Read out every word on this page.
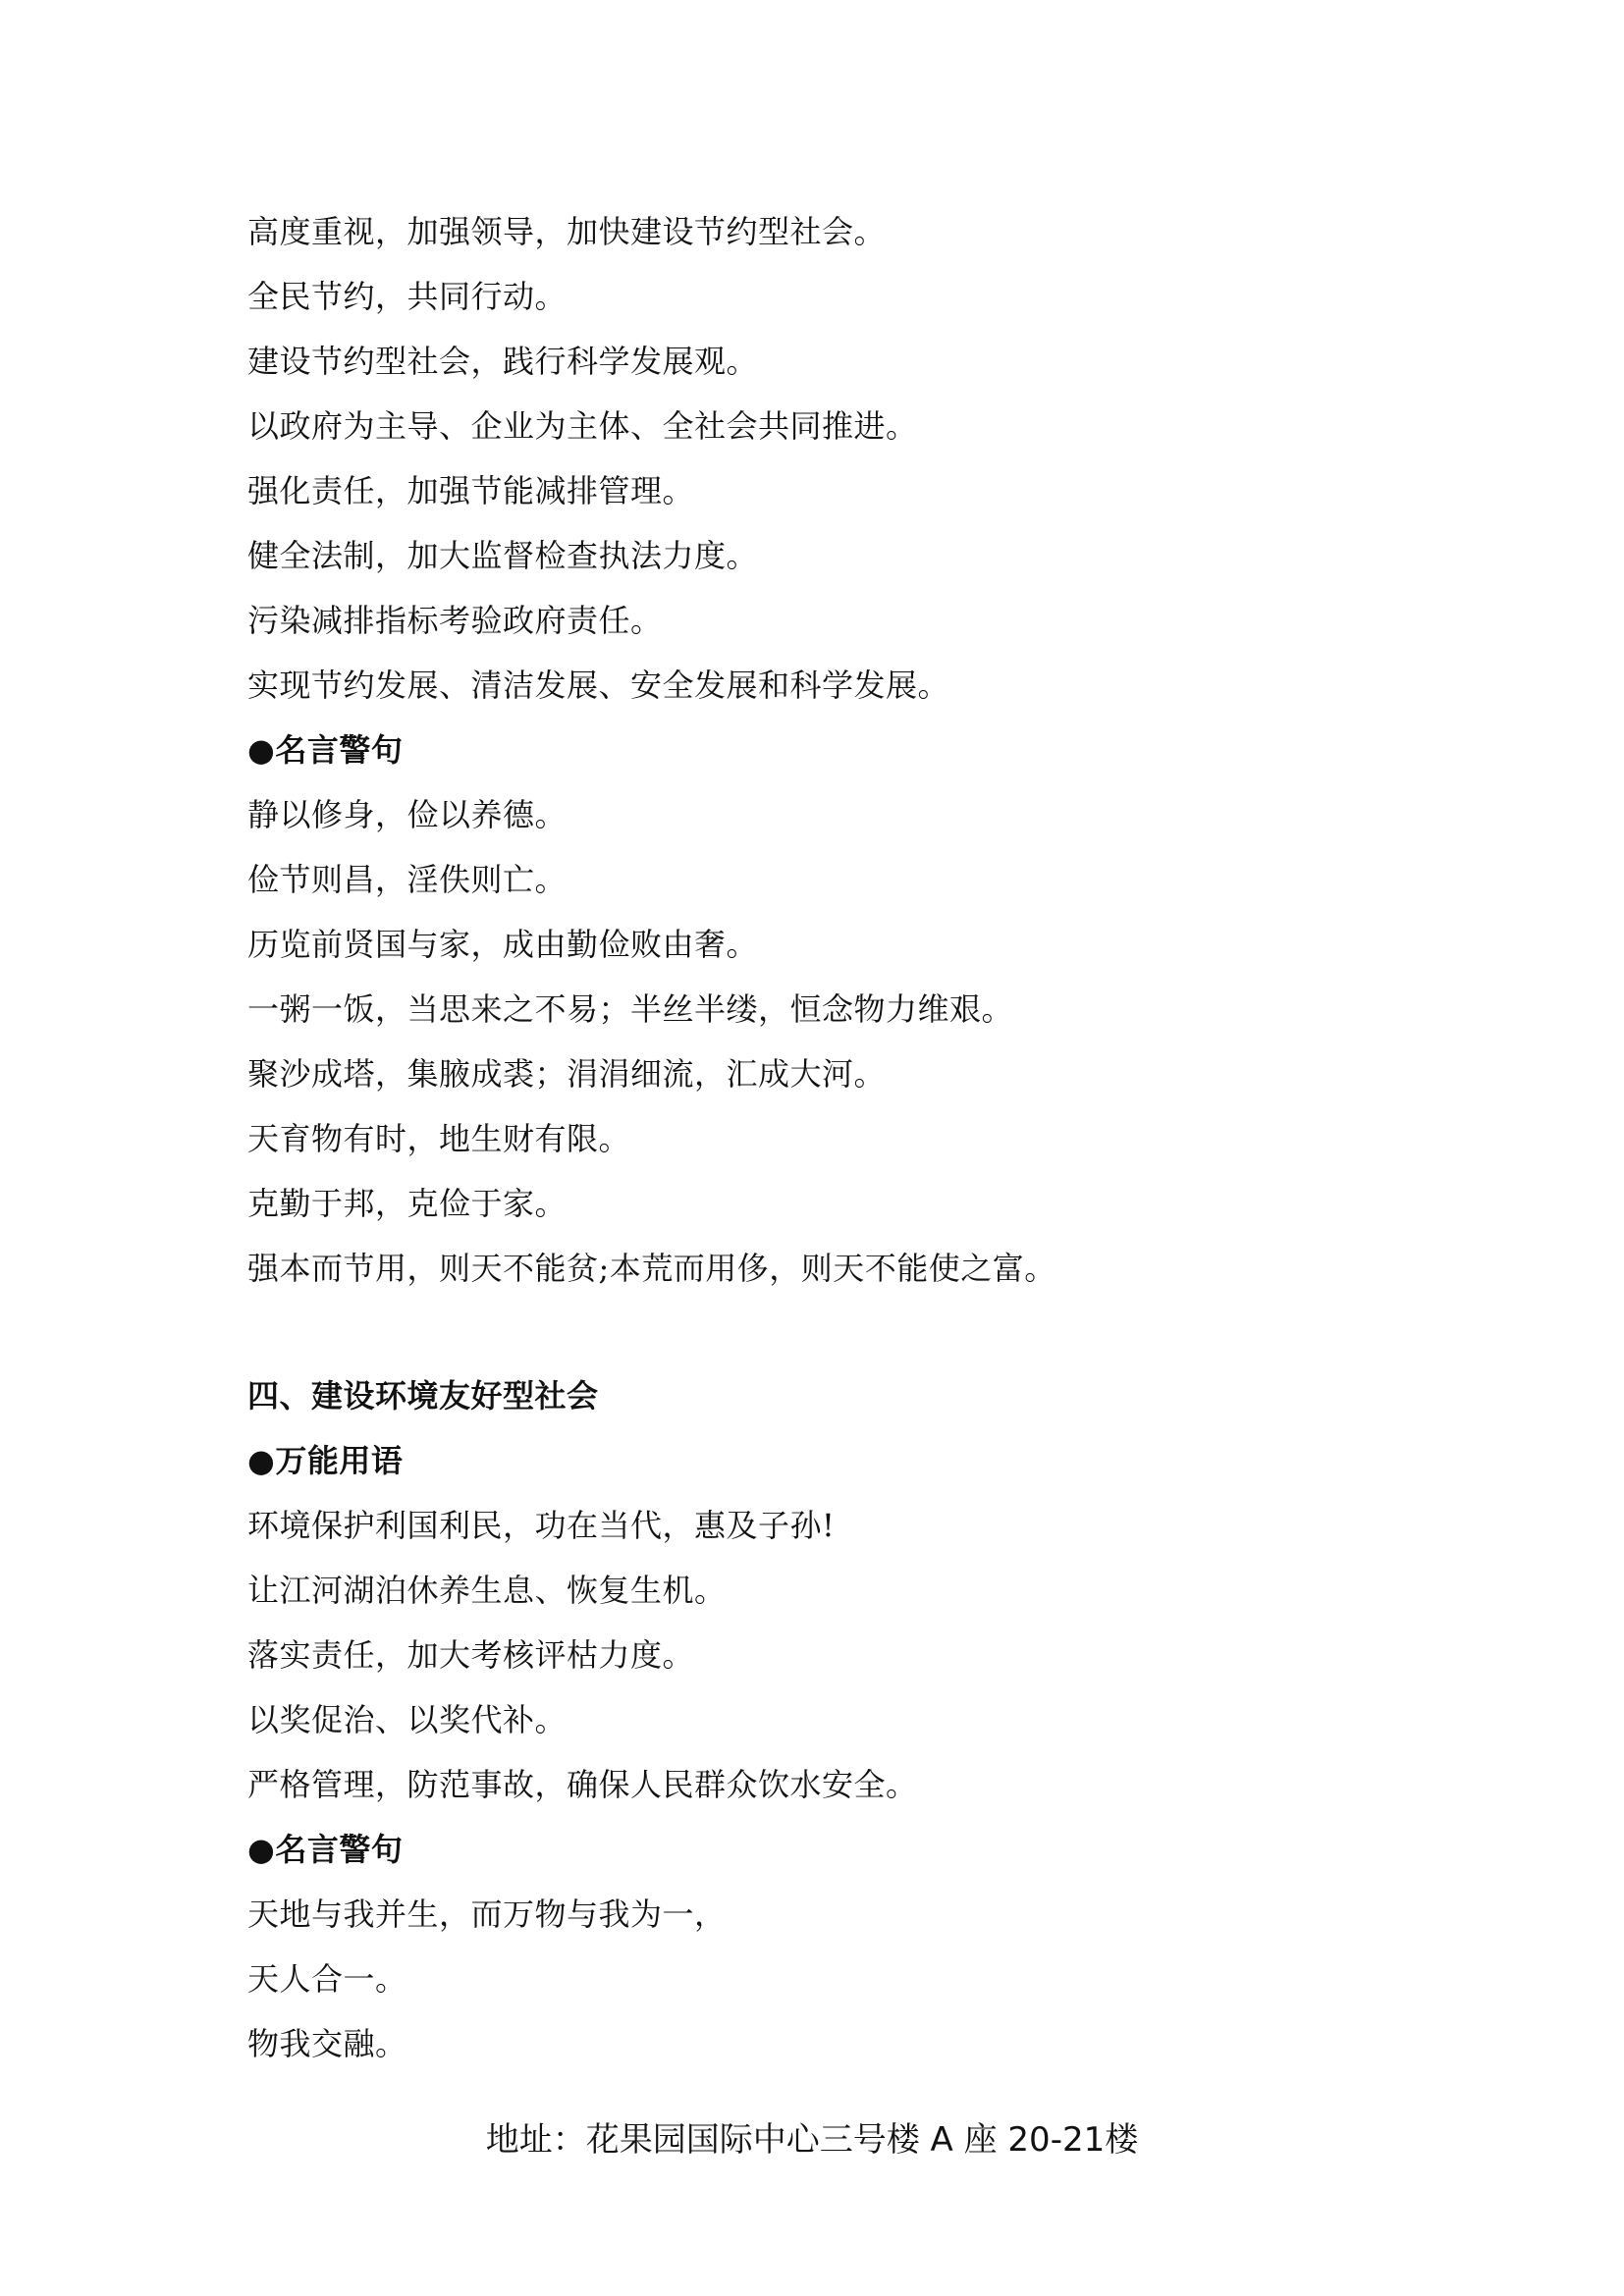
高度重视，加强领导，加快建设节约型社会。
全民节约，共同行动。
建设节约型社会，践行科学发展观。
以政府为主导、企业为主体、全社会共同推进。
强化责任，加强节能减排管理。
健全法制，加大监督检查执法力度。
污染减排指标考验政府责任。
实现节约发展、清洁发展、安全发展和科学发展。
●名言警句
静以修身，俭以养德。
俭节则昌，淫佚则亡。
历览前贤国与家，成由勤俭败由奢。
一粥一饭，当思来之不易；半丝半缕，恒念物力维艰。
聚沙成塔，集腋成裘；涓涓细流，汇成大河。
天育物有时，地生财有限。
克勤于邦，克俭于家。
强本而节用，则天不能贫;本荒而用侈，则天不能使之富。
四、建设环境友好型社会
●万能用语
环境保护利国利民，功在当代，惠及子孙!
让江河湖泊休养生息、恢复生机。
落实责任，加大考核评枯力度。
以奖促治、以奖代补。
严格管理，防范事故，确保人民群众饮水安全。
●名言警句
天地与我并生，而万物与我为一，
天人合一。
物我交融。
地址：花果园国际中心三号楼 A 座 20-21楼
